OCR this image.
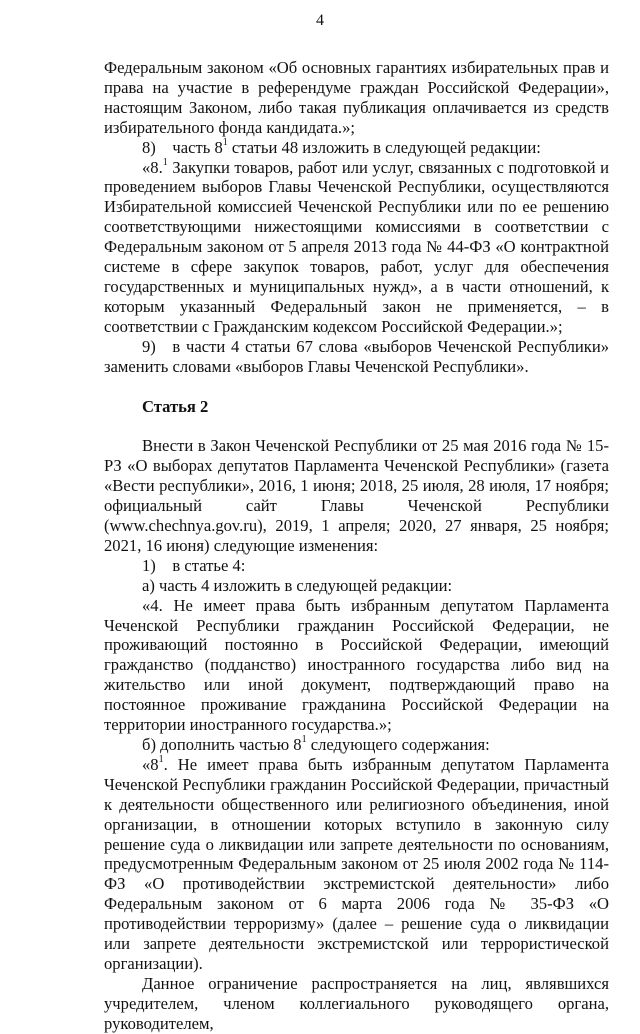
4

Федеральным законом «Об основных гарантиях избирательных прав и права на участие в референдуме граждан Российской Федерации», настоящим Законом, либо такая публикация оплачивается из средств избирательного фонда кандидата.»;

8) часть $8^1$ статьи 48 изложить в следующей редакции:

«8.$^1$ Закупки товаров, работ или услуг, связанных с подготовкой и проведением выборов Главы Чеченской Республики, осуществляются Избирательной комиссией Чеченской Республики или по ее решению соответствующими нижестоящими комиссиями в соответствии с Федеральным законом от 5 апреля 2013 года № 44-ФЗ «О контрактной системе в сфере закупок товаров, работ, услуг для обеспечения государственных и муниципальных нужд», а в части отношений, к которым указанный Федеральный закон не применяется, – в соответствии с Гражданским кодексом Российской Федерации.»;

9) в части 4 статьи 67 слова «выборов Чеченской Республики» заменить словами «выборов Главы Чеченской Республики».

Статья 2

Внести в Закон Чеченской Республики от 25 мая 2016 года № 15-РЗ «О выборах депутатов Парламента Чеченской Республики» (газета «Вести республики», 2016, 1 июня; 2018, 25 июля, 28 июля, 17 ноября; официальный сайт Главы Чеченской Республики (www.chechnya.gov.ru), 2019, 1 апреля; 2020, 27 января, 25 ноября; 2021, 16 июня) следующие изменения:

1) в статье 4:

а) часть 4 изложить в следующей редакции:

«4. Не имеет права быть избранным депутатом Парламента Чеченской Республики гражданин Российской Федерации, не проживающий постоянно в Российской Федерации, имеющий гражданство (подданство) иностранного государства либо вид на жительство или иной документ, подтверждающий право на постоянное проживание гражданина Российской Федерации на территории иностранного государства.»;

б) дополнить частью $8^1$ следующего содержания:

«$8^1$. Не имеет права быть избранным депутатом Парламента Чеченской Республики гражданин Российской Федерации, причастный к деятельности общественного или религиозного объединения, иной организации, в отношении которых вступило в законную силу решение суда о ликвидации или запрете деятельности по основаниям, предусмотренным Федеральным законом от 25 июля 2002 года № 114-ФЗ «О противодействии экстремистской деятельности» либо Федеральным законом от 6 марта 2006 года № 35-ФЗ «О противодействии терроризму» (далее – решение суда о ликвидации или запрете деятельности экстремистской или террористической организации).

Данное ограничение распространяется на лиц, являвшихся учредителем, членом коллегиального руководящего органа, руководителем,
